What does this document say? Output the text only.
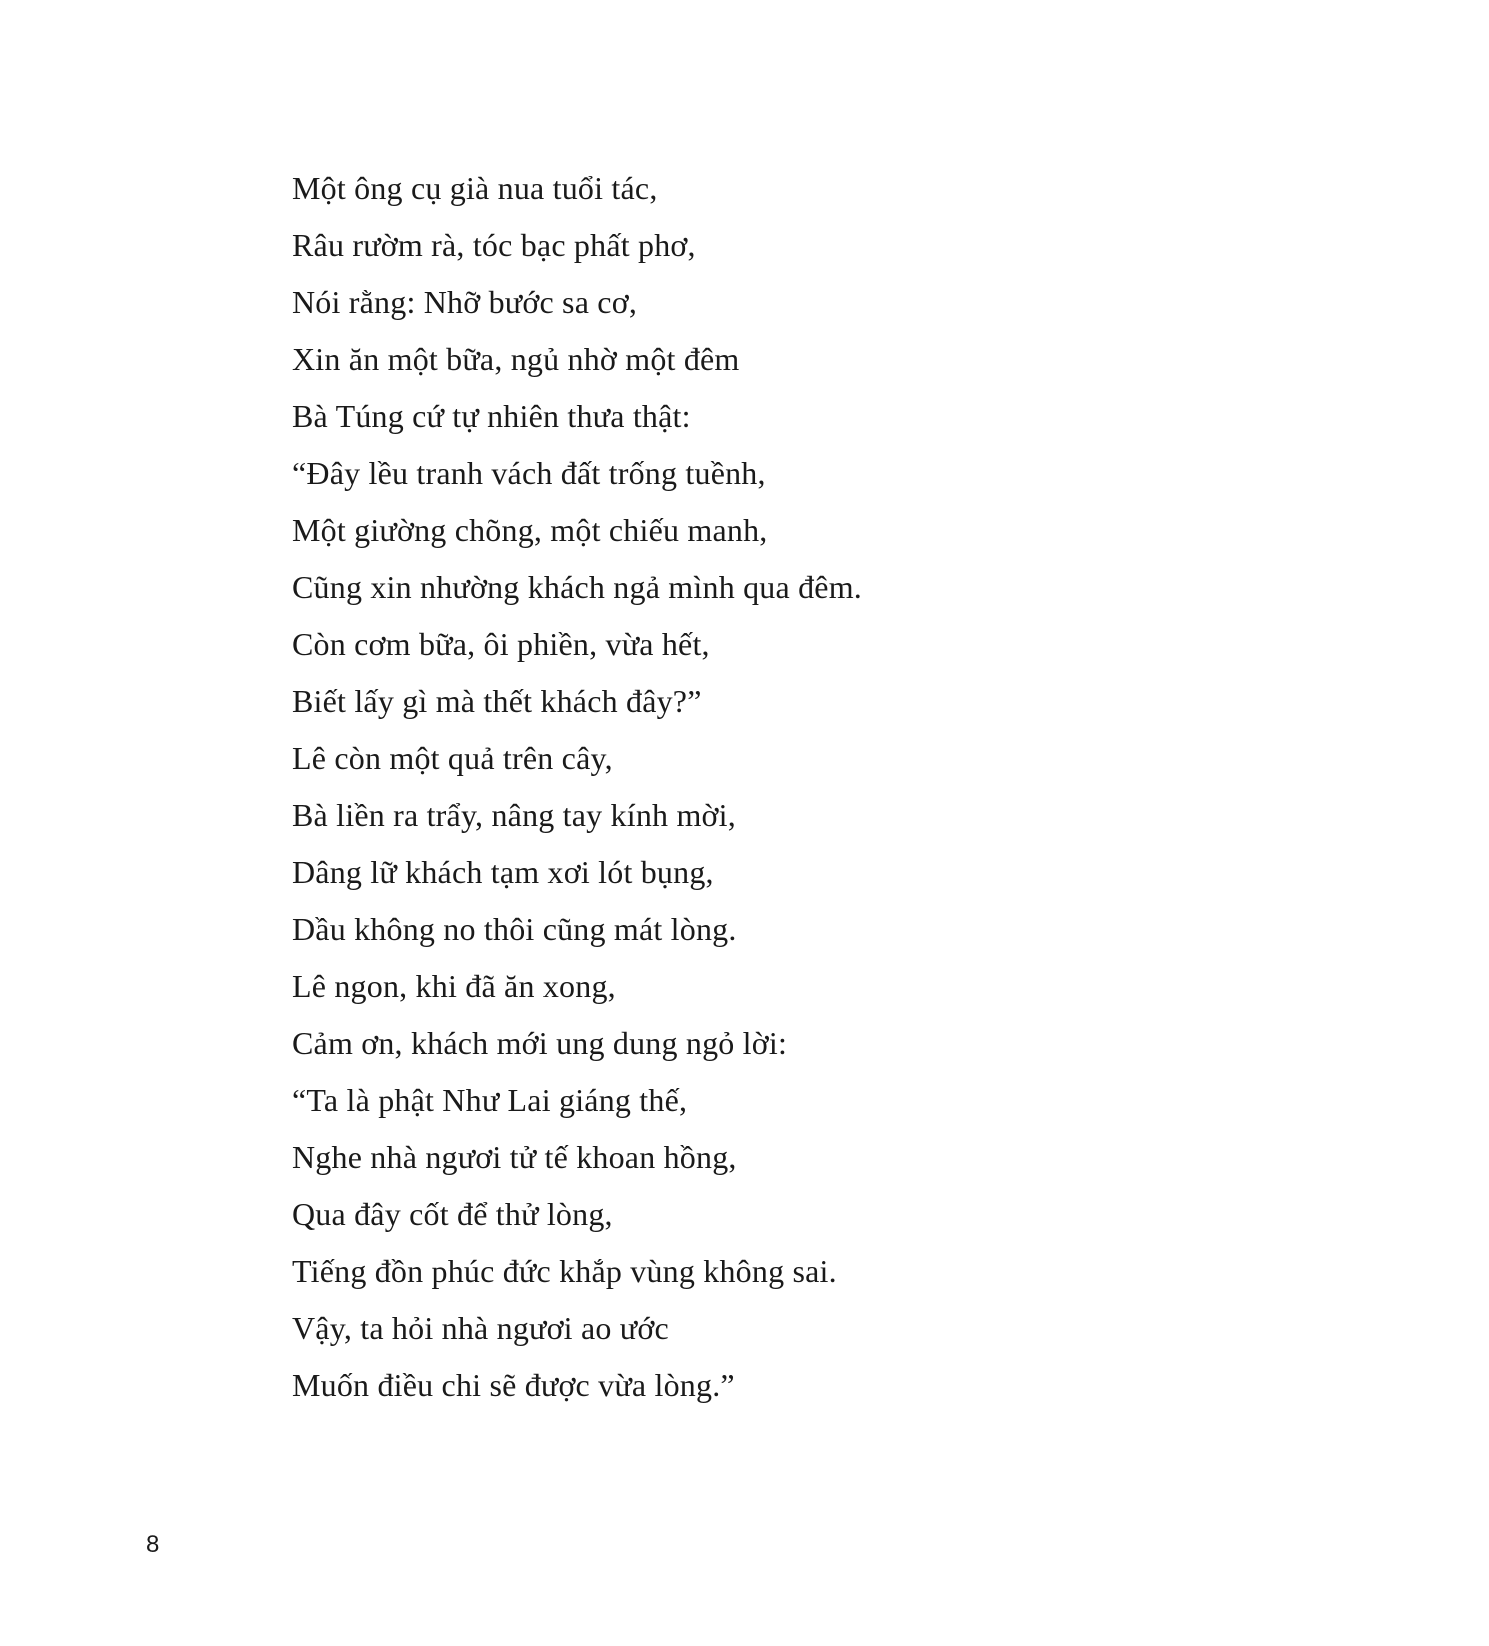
Một ông cụ già nua tuổi tác,
Râu rườm rà, tóc bạc phất phơ,
Nói rằng: Nhỡ bước sa cơ,
Xin ăn một bữa, ngủ nhờ một đêm
Bà Túng cứ tự nhiên thưa thật:
“Đây lều tranh vách đất trống tuềnh,
Một giường chõng, một chiếu manh,
Cũng xin nhường khách ngả mình qua đêm.
Còn cơm bữa, ôi phiền, vừa hết,
Biết lấy gì mà thết khách đây?”
Lê còn một quả trên cây,
Bà liền ra trẩy, nâng tay kính mời,
Dâng lữ khách tạm xơi lót bụng,
Dầu không no thôi cũng mát lòng.
Lê ngon, khi đã ăn xong,
Cảm ơn, khách mới ung dung ngỏ lời:
“Ta là phật Như Lai giáng thế,
Nghe nhà ngươi tử tế khoan hồng,
Qua đây cốt để thử lòng,
Tiếng đồn phúc đức khắp vùng không sai.
Vậy, ta hỏi nhà ngươi ao ước
Muốn điều chi sẽ được vừa lòng.”
8
